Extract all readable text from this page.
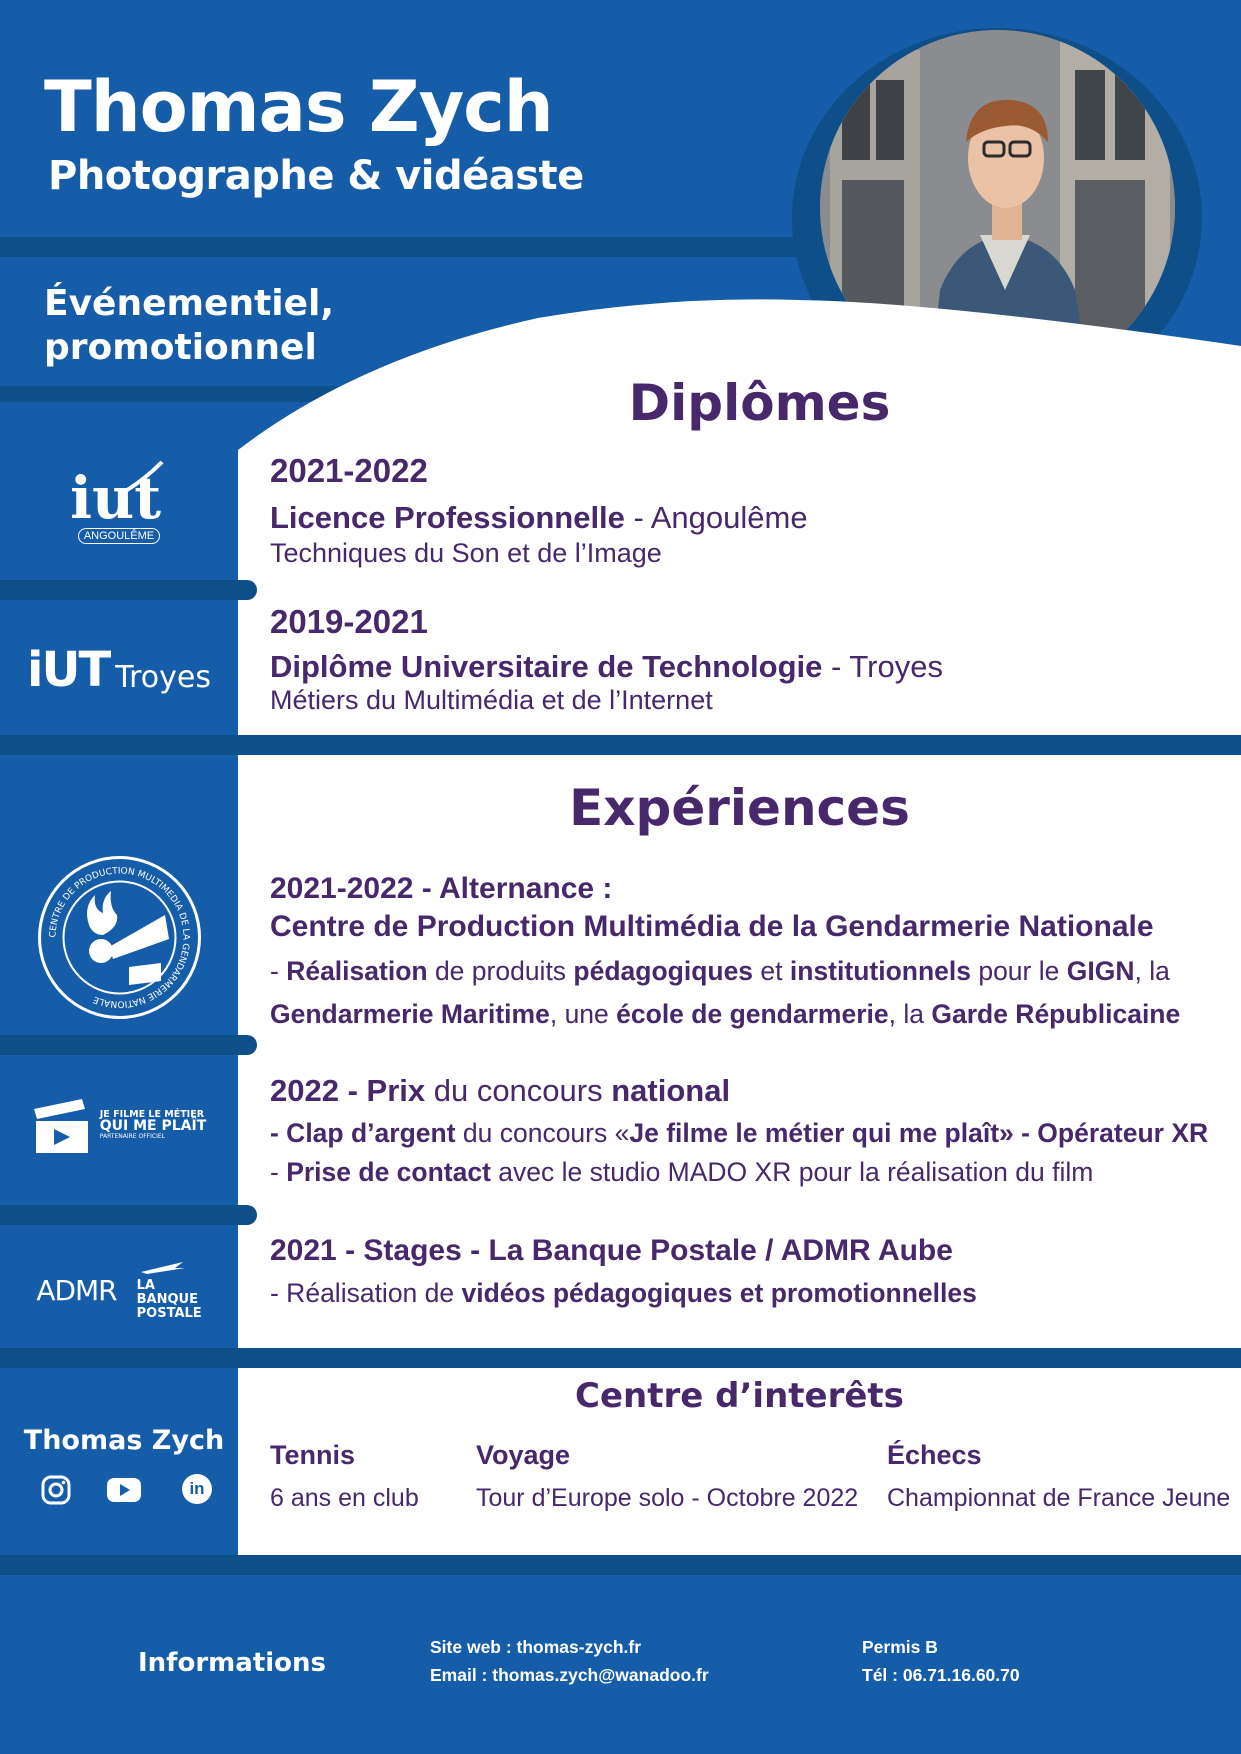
Thomas Zych
Photographe & vidéaste
Événementiel,
promotionnel
Diplômes
iut
ANGOULÊME
2021-2022
Licence Professionnelle - Angoulême
Techniques du Son et de l’Image
iUT Troyes
2019-2021
Diplôme Universitaire de Technologie - Troyes
Métiers du Multimédia et de l’Internet
Expériences
CENTRE DE PRODUCTION MULTIMEDIA DE LA GENDARMERIE NATIONALE
2021-2022 - Alternance :
Centre de Production Multimédia de la Gendarmerie Nationale
- Réalisation de produits pédagogiques et institutionnels pour le GIGN, la
Gendarmerie Maritime, une école de gendarmerie, la Garde Républicaine
JE FILME LE MÉTIER
QUI ME PLAÎT
PARTENAIRE OFFICIEL
2022 - Prix du concours national
- Clap d’argent du concours «Je filme le métier qui me plaît» - Opérateur XR
- Prise de contact avec le studio MADO XR pour la réalisation du film
ADMR LA
BANQUE
POSTALE
2021 - Stages - La Banque Postale / ADMR Aube
- Réalisation de vidéos pédagogiques et promotionnelles
Centre d’interêts
Thomas Zych
in
Tennis
6 ans en club
Voyage
Tour d’Europe solo - Octobre 2022
Échecs
Championnat de France Jeune
Informations
Site web : thomas-zych.fr
Email : thomas.zych@wanadoo.fr
Permis B
Tél : 06.71.16.60.70
